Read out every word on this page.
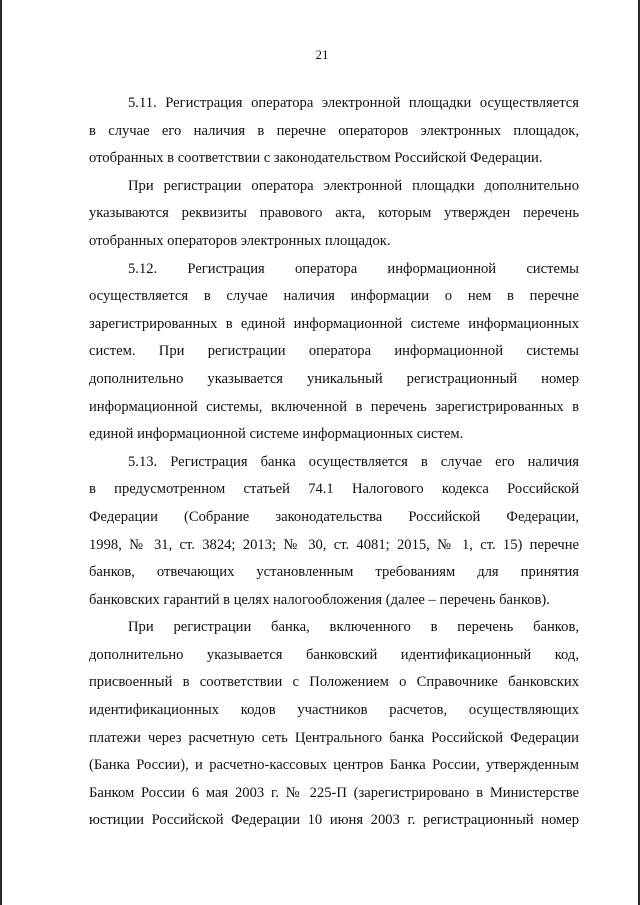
21
5.11. Регистрация оператора электронной площадки осуществляется
в случае его наличия в перечне операторов электронных площадок,
отобранных в соответствии с законодательством Российской Федерации.
При регистрации оператора электронной площадки дополнительно
указываются реквизиты правового акта, которым утвержден перечень
отобранных операторов электронных площадок.
5.12. Регистрация оператора информационной системы
осуществляется в случае наличия информации о нем в перечне
зарегистрированных в единой информационной системе информационных
систем. При регистрации оператора информационной системы
дополнительно указывается уникальный регистрационный номер
информационной системы, включенной в перечень зарегистрированных в
единой информационной системе информационных систем.
5.13. Регистрация банка осуществляется в случае его наличия
в предусмотренном статьей 74.1 Налогового кодекса Российской
Федерации (Собрание законодательства Российской Федерации,
1998, № 31, ст. 3824; 2013; № 30, ст. 4081; 2015, № 1, ст. 15) перечне
банков, отвечающих установленным требованиям для принятия
банковских гарантий в целях налогообложения (далее – перечень банков).
При регистрации банка, включенного в перечень банков,
дополнительно указывается банковский идентификационный код,
присвоенный в соответствии с Положением о Справочнике банковских
идентификационных кодов участников расчетов, осуществляющих
платежи через расчетную сеть Центрального банка Российской Федерации
(Банка России), и расчетно-кассовых центров Банка России, утвержденным
Банком России 6 мая 2003 г. № 225-П (зарегистрировано в Министерстве
юстиции Российской Федерации 10 июня 2003 г. регистрационный номер
